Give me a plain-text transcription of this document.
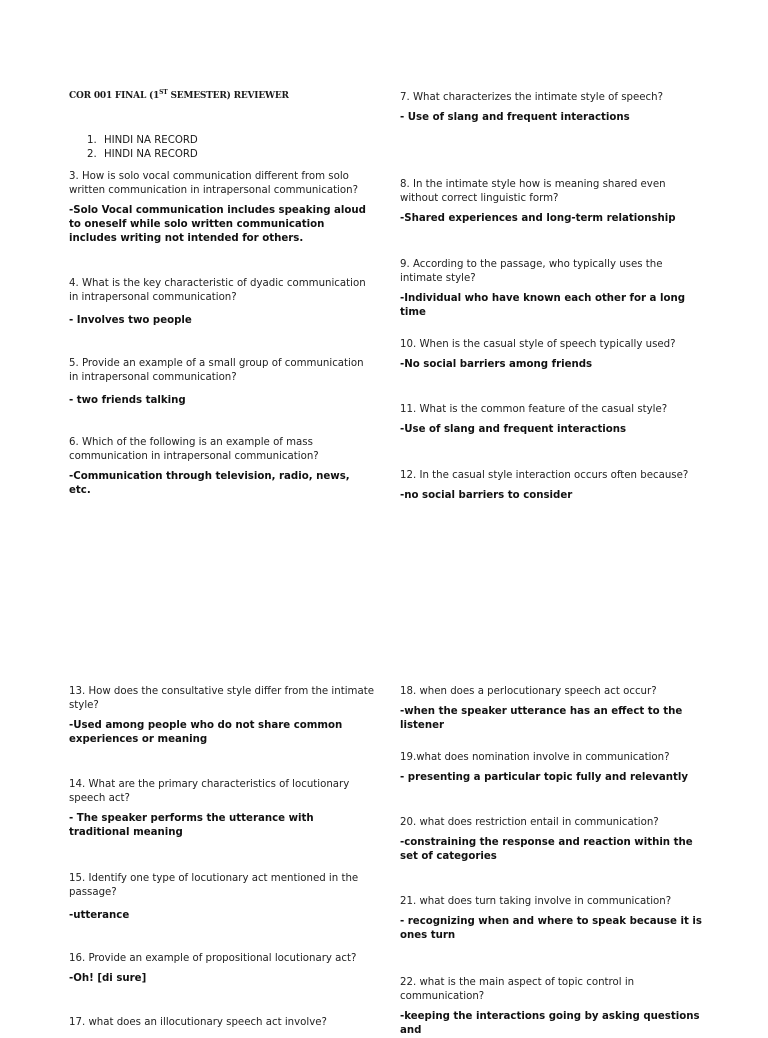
COR 001 FINAL (1ST SEMESTER) REVIEWER
1. HINDI NA RECORD
2. HINDI NA RECORD
3. How is solo vocal communication different from solo written communication in intrapersonal communication?
-Solo Vocal communication includes speaking aloud to oneself while solo written communication includes writing not intended for others.
4. What is the key characteristic of dyadic communication in intrapersonal communication?
- Involves two people
5. Provide an example of a small group of communication in intrapersonal communication?
- two friends talking
6. Which of the following is an example of mass communication in intrapersonal communication?
-Communication through television, radio, news, etc.
7. What characterizes the intimate style of speech?
- Use of slang and frequent interactions
8. In the intimate style how is meaning shared even without correct linguistic form?
-Shared experiences and long-term relationship
9. According to the passage, who typically uses the intimate style?
-Individual who have known each other for a long time
10. When is the casual style of speech typically used?
-No social barriers among friends
11. What is the common feature of the casual style?
-Use of slang and frequent interactions
12. In the casual style interaction occurs often because?
-no social barriers to consider
13. How does the consultative style differ from the intimate style?
-Used among people who do not share common experiences or meaning
14. What are the primary characteristics of locutionary speech act?
- The speaker performs the utterance with traditional meaning
15. Identify one type of locutionary act mentioned in the passage?
-utterance
16. Provide an example of propositional locutionary act?
-Oh! [di sure]
17. what does an illocutionary speech act involve?
18. when does a perlocutionary speech act occur?
-when the speaker utterance has an effect to the listener
19.what does nomination involve in communication?
- presenting a particular topic fully and relevantly
20. what does restriction entail in communication?
-constraining the response and reaction within the set of categories
21. what does turn taking involve in communication?
- recognizing when and where to speak because it is ones turn
22. what is the main aspect of topic control in communication?
-keeping the interactions going by asking questions and
